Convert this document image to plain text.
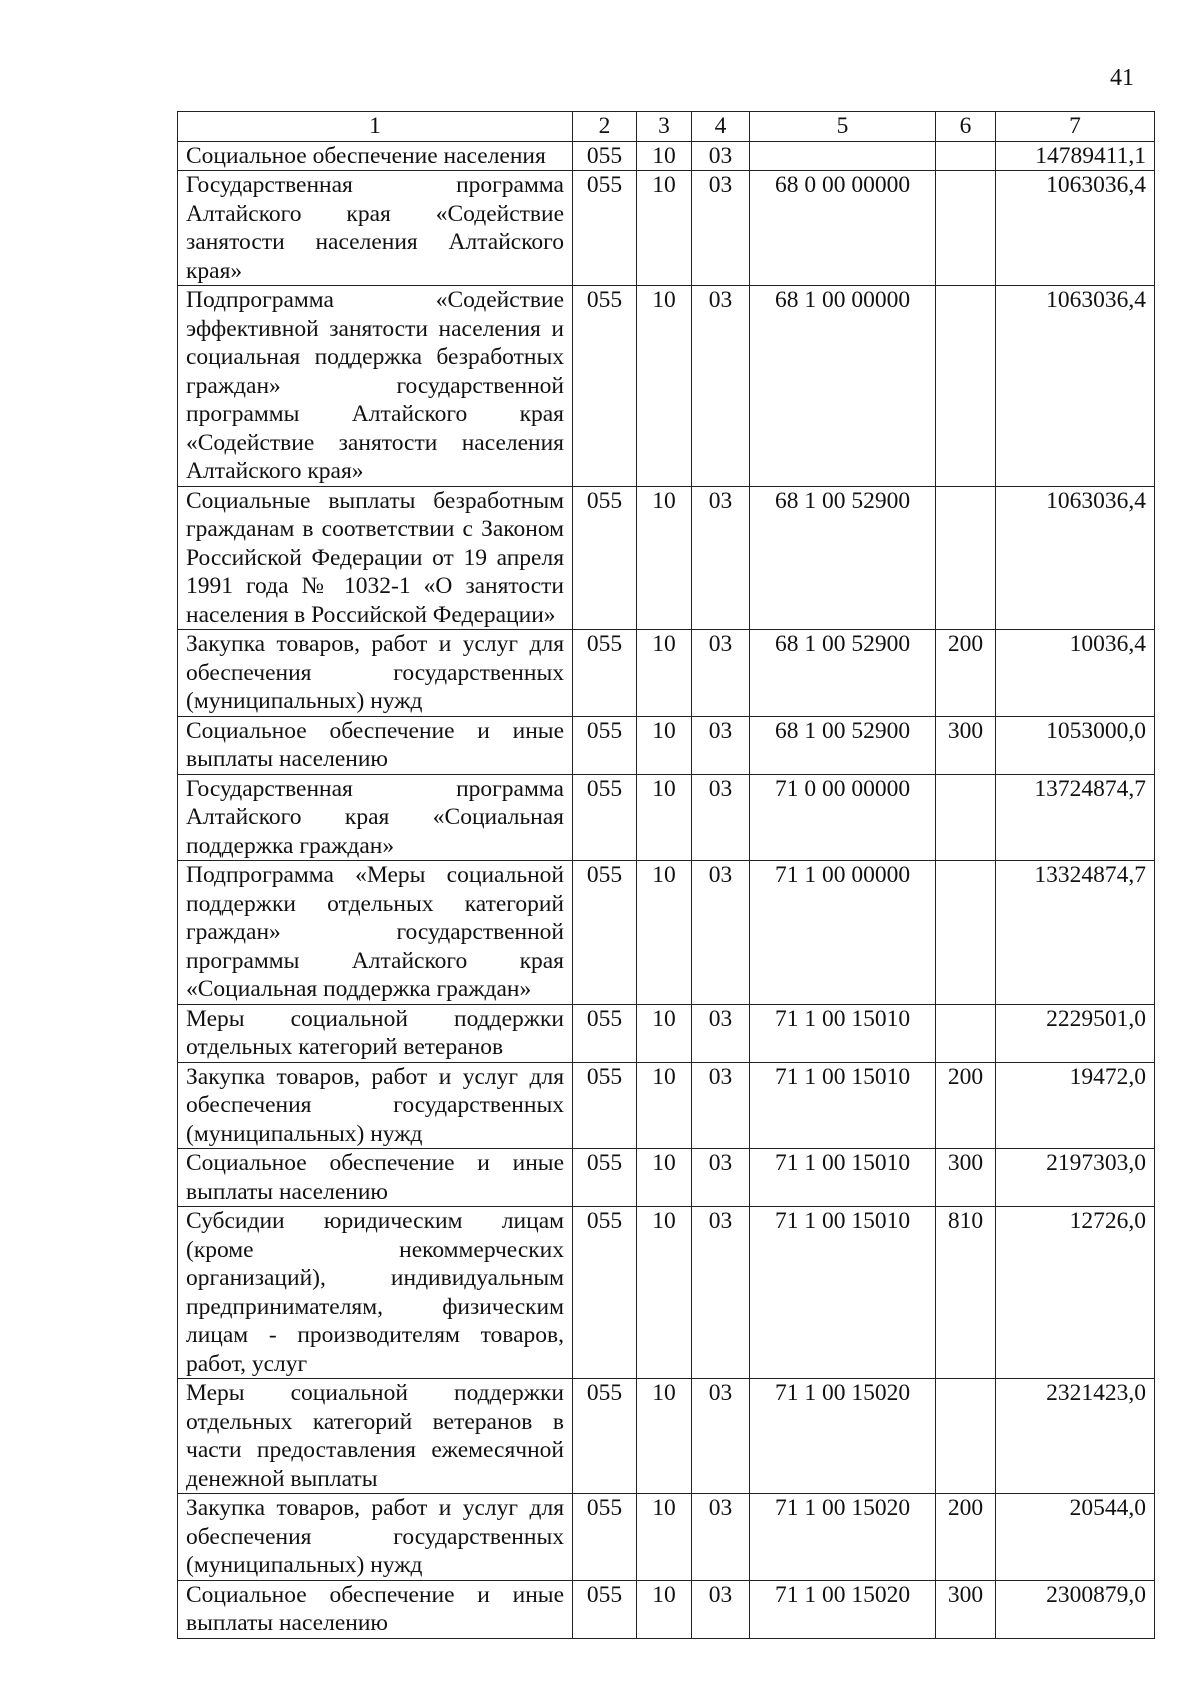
41
1	2	3	4	5	6	7
Социальное обеспечение населения	055	10	03			14789411,1
Государственная программа Алтайского края «Содействие занятости населения Алтайского края»	055	10	03	68 0 00 00000		1063036,4
Подпрограмма «Содействие эффективной занятости населения и социальная поддержка безработных граждан» государственной программы Алтайского края «Содействие занятости населения Алтайского края»	055	10	03	68 1 00 00000		1063036,4
Социальные выплаты безработным гражданам в соответствии с Законом Российской Федерации от 19 апреля 1991 года № 1032-1 «О занятости населения в Российской Федерации»	055	10	03	68 1 00 52900		1063036,4
Закупка товаров, работ и услуг для обеспечения государственных (муниципальных) нужд	055	10	03	68 1 00 52900	200	10036,4
Социальное обеспечение и иные выплаты населению	055	10	03	68 1 00 52900	300	1053000,0
Государственная программа Алтайского края «Социальная поддержка граждан»	055	10	03	71 0 00 00000		13724874,7
Подпрограмма «Меры социальной поддержки отдельных категорий граждан» государственной программы Алтайского края «Социальная поддержка граждан»	055	10	03	71 1 00 00000		13324874,7
Меры социальной поддержки отдельных категорий ветеранов	055	10	03	71 1 00 15010		2229501,0
Закупка товаров, работ и услуг для обеспечения государственных (муниципальных) нужд	055	10	03	71 1 00 15010	200	19472,0
Социальное обеспечение и иные выплаты населению	055	10	03	71 1 00 15010	300	2197303,0
Субсидии юридическим лицам (кроме некоммерческих организаций), индивидуальным предпринимателям, физическим лицам - производителям товаров, работ, услуг	055	10	03	71 1 00 15010	810	12726,0
Меры социальной поддержки отдельных категорий ветеранов в части предоставления ежемесячной денежной выплаты	055	10	03	71 1 00 15020		2321423,0
Закупка товаров, работ и услуг для обеспечения государственных (муниципальных) нужд	055	10	03	71 1 00 15020	200	20544,0
Социальное обеспечение и иные выплаты населению	055	10	03	71 1 00 15020	300	2300879,0
